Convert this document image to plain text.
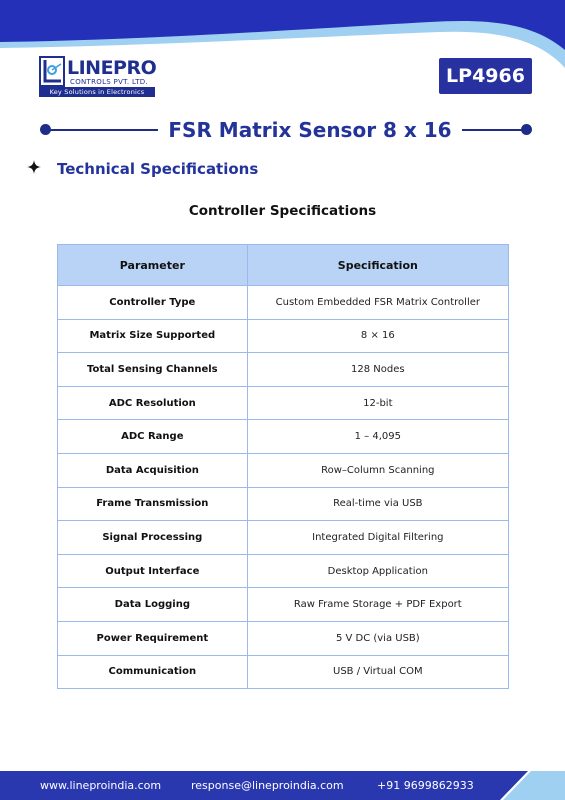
LINEPRO
CONTROLS PVT. LTD.
Key Solutions in Electronics
LP4966
FSR Matrix Sensor 8 x 16
Technical Specifications
Controller Specifications
Parameter	Specification
Controller Type	Custom Embedded FSR Matrix Controller
Matrix Size Supported	8 × 16
Total Sensing Channels	128 Nodes
ADC Resolution	12-bit
ADC Range	1 – 4,095
Data Acquisition	Row–Column Scanning
Frame Transmission	Real-time via USB
Signal Processing	Integrated Digital Filtering
Output Interface	Desktop Application
Data Logging	Raw Frame Storage + PDF Export
Power Requirement	5 V DC (via USB)
Communication	USB / Virtual COM
www.lineproindia.com	response@lineproindia.com	+91 9699862933
